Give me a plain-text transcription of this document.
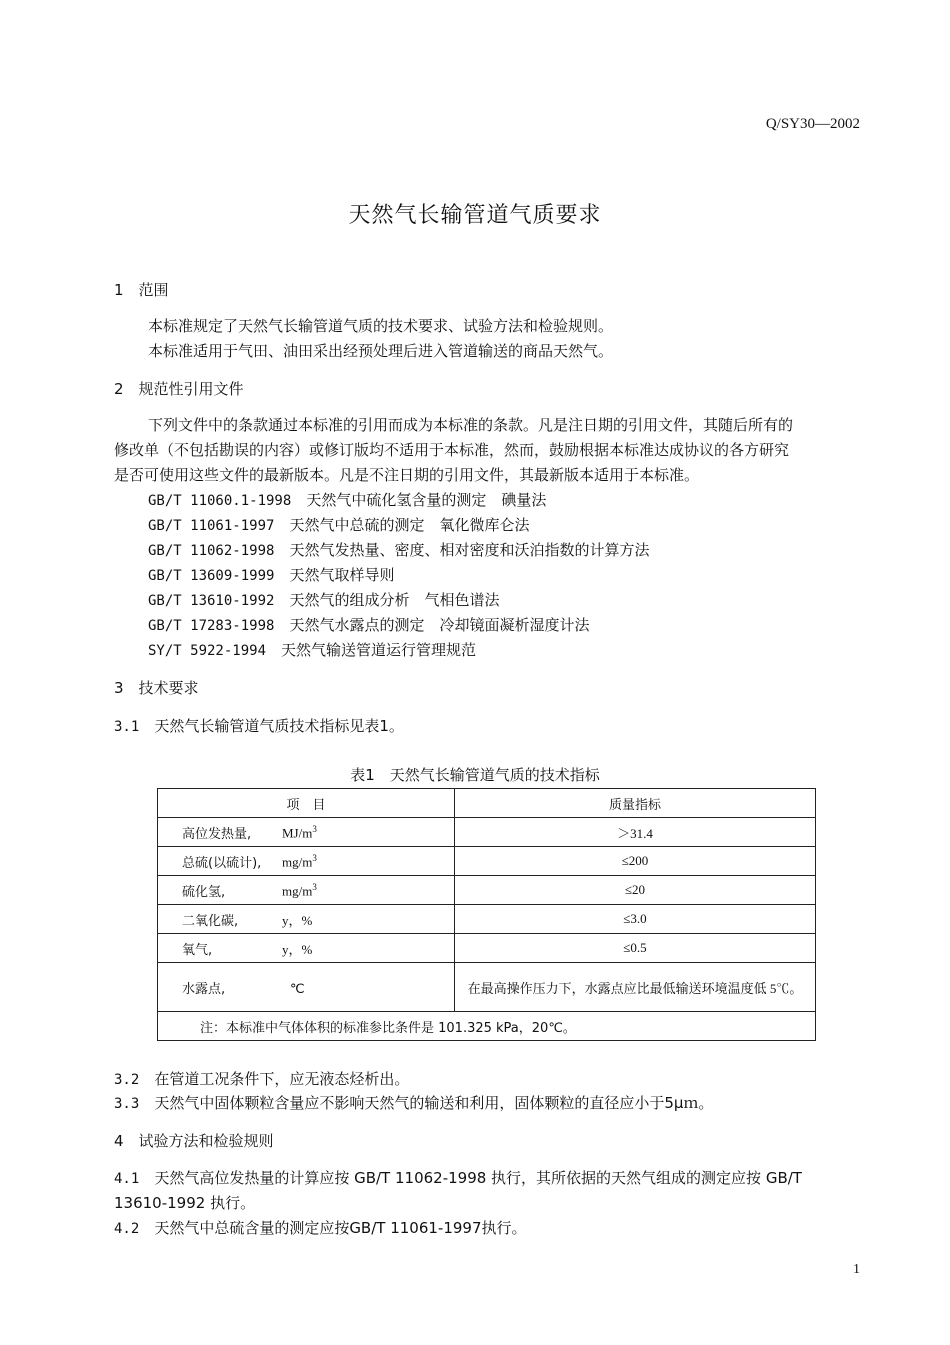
Q/SY30—2002
天然气长输管道气质要求
1　范围
本标准规定了天然气长输管道气质的技术要求、试验方法和检验规则。
本标准适用于气田、油田采出经预处理后进入管道输送的商品天然气。
2　规范性引用文件
下列文件中的条款通过本标准的引用而成为本标准的条款。凡是注日期的引用文件，其随后所有的
修改单（不包括勘误的内容）或修订版均不适用于本标准，然而，鼓励根据本标准达成协议的各方研究
是否可使用这些文件的最新版本。凡是不注日期的引用文件，其最新版本适用于本标准。
GB/T 11060.1-1998　 天然气中硫化氢含量的测定　碘量法
GB/T 11061-1997　 天然气中总硫的测定　氧化微库仑法
GB/T 11062-1998　 天然气发热量、密度、相对密度和沃泊指数的计算方法
GB/T 13609-1999　 天然气取样导则
GB/T 13610-1992　 天然气的组成分析　气相色谱法
GB/T 17283-1998　 天然气水露点的测定　冷却镜面凝析湿度计法
SY/T 5922-1994　 天然气输送管道运行管理规范
3　技术要求
3.1　 天然气长输管道气质技术指标见表1。
表1　天然气长输管道气质的技术指标
项　目	质量指标
高位发热量, $MJ/m^3$	＞31.4
总硫(以硫计), $mg/m^3$	≤200
硫化氢, $mg/m^3$	≤20
二氧化碳, y，%	≤3.0
氧气, y，%	≤0.5
水露点, ℃	在最高操作压力下，水露点应比最低输送环境温度低 5℃。
注：本标准中气体体积的标准参比条件是 101.325 kPa，20℃。	
3.2　 在管道工况条件下，应无液态烃析出。
3.3　 天然气中固体颗粒含量应不影响天然气的输送和利用，固体颗粒的直径应小于5μｍ。
4　试验方法和检验规则
4.1　 天然气高位发热量的计算应按 GB/T 11062-1998 执行，其所依据的天然气组成的测定应按 GB/T
13610-1992 执行。
4.2　 天然气中总硫含量的测定应按GB/T 11061-1997执行。
1
